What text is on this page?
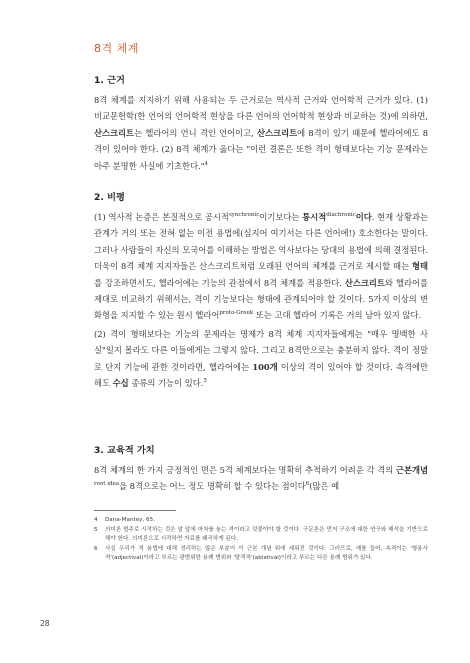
8격 체계
1. 근거

8격 체계를 지지하기 위해 사용되는 두 근거로는 역사적 근거와 언어학적 근거가 있다. (1) 비교문헌학(한 언어의 언어학적 현상을 다른 언어의 언어학적 현상과 비교하는 것)에 의하면, 산스크리트는 헬라어의 언니 격인 언어이고, 산스크리트에 8격이 있기 때문에 헬라어에도 8격이 있어야 한다. (2) 8격 체계가 옳다는 "이런 결론은 또한 격이 형태보다는 기능 문제라는 아주 분명한 사실에 기초한다."$^4$

2. 비평

(1) 역사적 논증은 본질적으로 공시적$^{synchronic}$이기보다는 통시적$^{diachronic}$이다. 현재 상황과는 관계가 거의 또는 전혀 없는 이전 용법에(심지어 여기서는 다른 언어에!) 호소한다는 말이다. 그러나 사람들이 자신의 모국어를 이해하는 방법은 역사보다는 당대의 용법에 의해 결정된다. 더욱이 8격 체계 지지자들은 산스크리트처럼 오래된 언어의 체계를 근거로 제시할 때는 형태를 강조하면서도, 헬라어에는 기능의 관점에서 8격 체계를 적용한다. 산스크리트와 헬라어를 제대로 비교하기 위해서는, 격이 기능보다는 형태에 관계되어야 할 것이다. 5가지 이상의 변화형을 지지할 수 있는 원시 헬라어$^{proto-Greek}$ 또는 고대 헬라어 기록은 거의 남아 있지 않다.

(2) 격이 형태보다는 기능의 문제라는 명제가 8격 체계 지지자들에게는 "매우 명백한 사실"일지 몰라도 다른 이들에게는 그렇지 않다. 그리고 8격만으로는 충분하지 않다. 격이 정말로 단지 기능에 관한 것이라면, 헬라어에는 100개 이상의 격이 있어야 할 것이다. 속격에만 해도 수십 종류의 기능이 있다.$^5$

3. 교육적 가치

8격 체계의 한 가지 긍정적인 면은 5격 체계보다는 명확히 추적하기 어려운 각 격의 근본개념$^{root idea}$을 8격으로는 어느 정도 명확히 할 수 있다는 점이다$^6$(많은 예

4	Dana-Mantey, 65.
5	의미론 범주로 시작하는 것은 말 앞에 마차를 놓는 격이라고 덧붙여야 할 것이다. 구문론은 먼저 구조에 대한 연구와 해석을 기반으로 해야 한다. 의미론으로 시작하면 자료를 왜곡하게 된다.
6	사실 우리가 격 용법에 대해 정리하는 많은 부분이 이 근본 개념 위에 세워진 것이다. 그러므로, 예를 들어, 속격이는 '형용사적'(adjectival)이라고 부르는 광범위한 용례 범위와 '탈격적'(ablatival)이라고 부르는 다른 용례 범위가 있다.
28
